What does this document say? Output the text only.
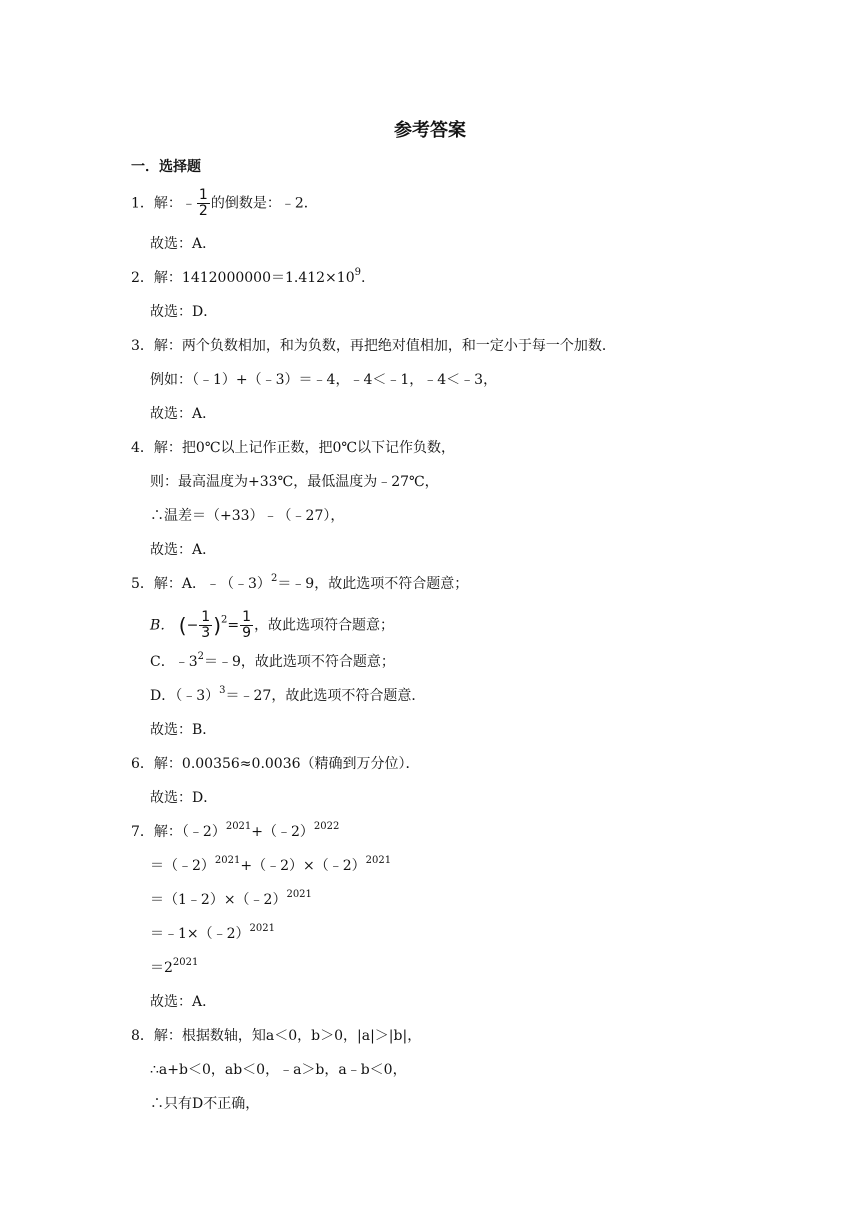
参考答案
一．选择题
1．解：﹣ $\frac{1}{2}$ 的倒数是：﹣2．
故选：A．
2．解：$1412000000=1.412\times 10^9$.
故选：D．
3．解：两个负数相加，和为负数，再把绝对值相加，和一定小于每一个加数．
例如：（﹣1）+（﹣3）＝﹣4，﹣4＜﹣1，﹣4＜﹣3，
故选：A．
4．解：把0℃以上记作正数，把0℃以下记作负数，
则：最高温度为+33℃，最低温度为﹣27℃，
∴温差＝（+33）﹣（﹣27），
故选：A．
5．解：A．﹣（﹣3）$^2$＝﹣9，故此选项不符合题意；
B． (− $\frac{1}{3} )^2= \frac{1}{9}$ ，故此选项符合题意；
C．$﹣3^2=﹣9$，故此选项不符合题意；
D．（﹣3）$^3$＝﹣27，故此选项不符合题意．
故选：B．
6．解：0.00356≈0.0036（精确到万分位）．
故选：D．
7．解：（﹣2）$^{2021}$+（﹣2）$^{2022}$
＝（﹣2）$^{2021}$+（﹣2）×（﹣2）$^{2021}$
＝（1﹣2）×（﹣2）$^{2021}$
＝﹣1×（﹣2）$^{2021}$
$=2^{2021}$
故选：A．
8．解：根据数轴，知a＜0，b＞0，|a|＞|b|，
∴a+b＜0，ab＜0，﹣a＞b，a﹣b＜0，
∴只有D不正确，
